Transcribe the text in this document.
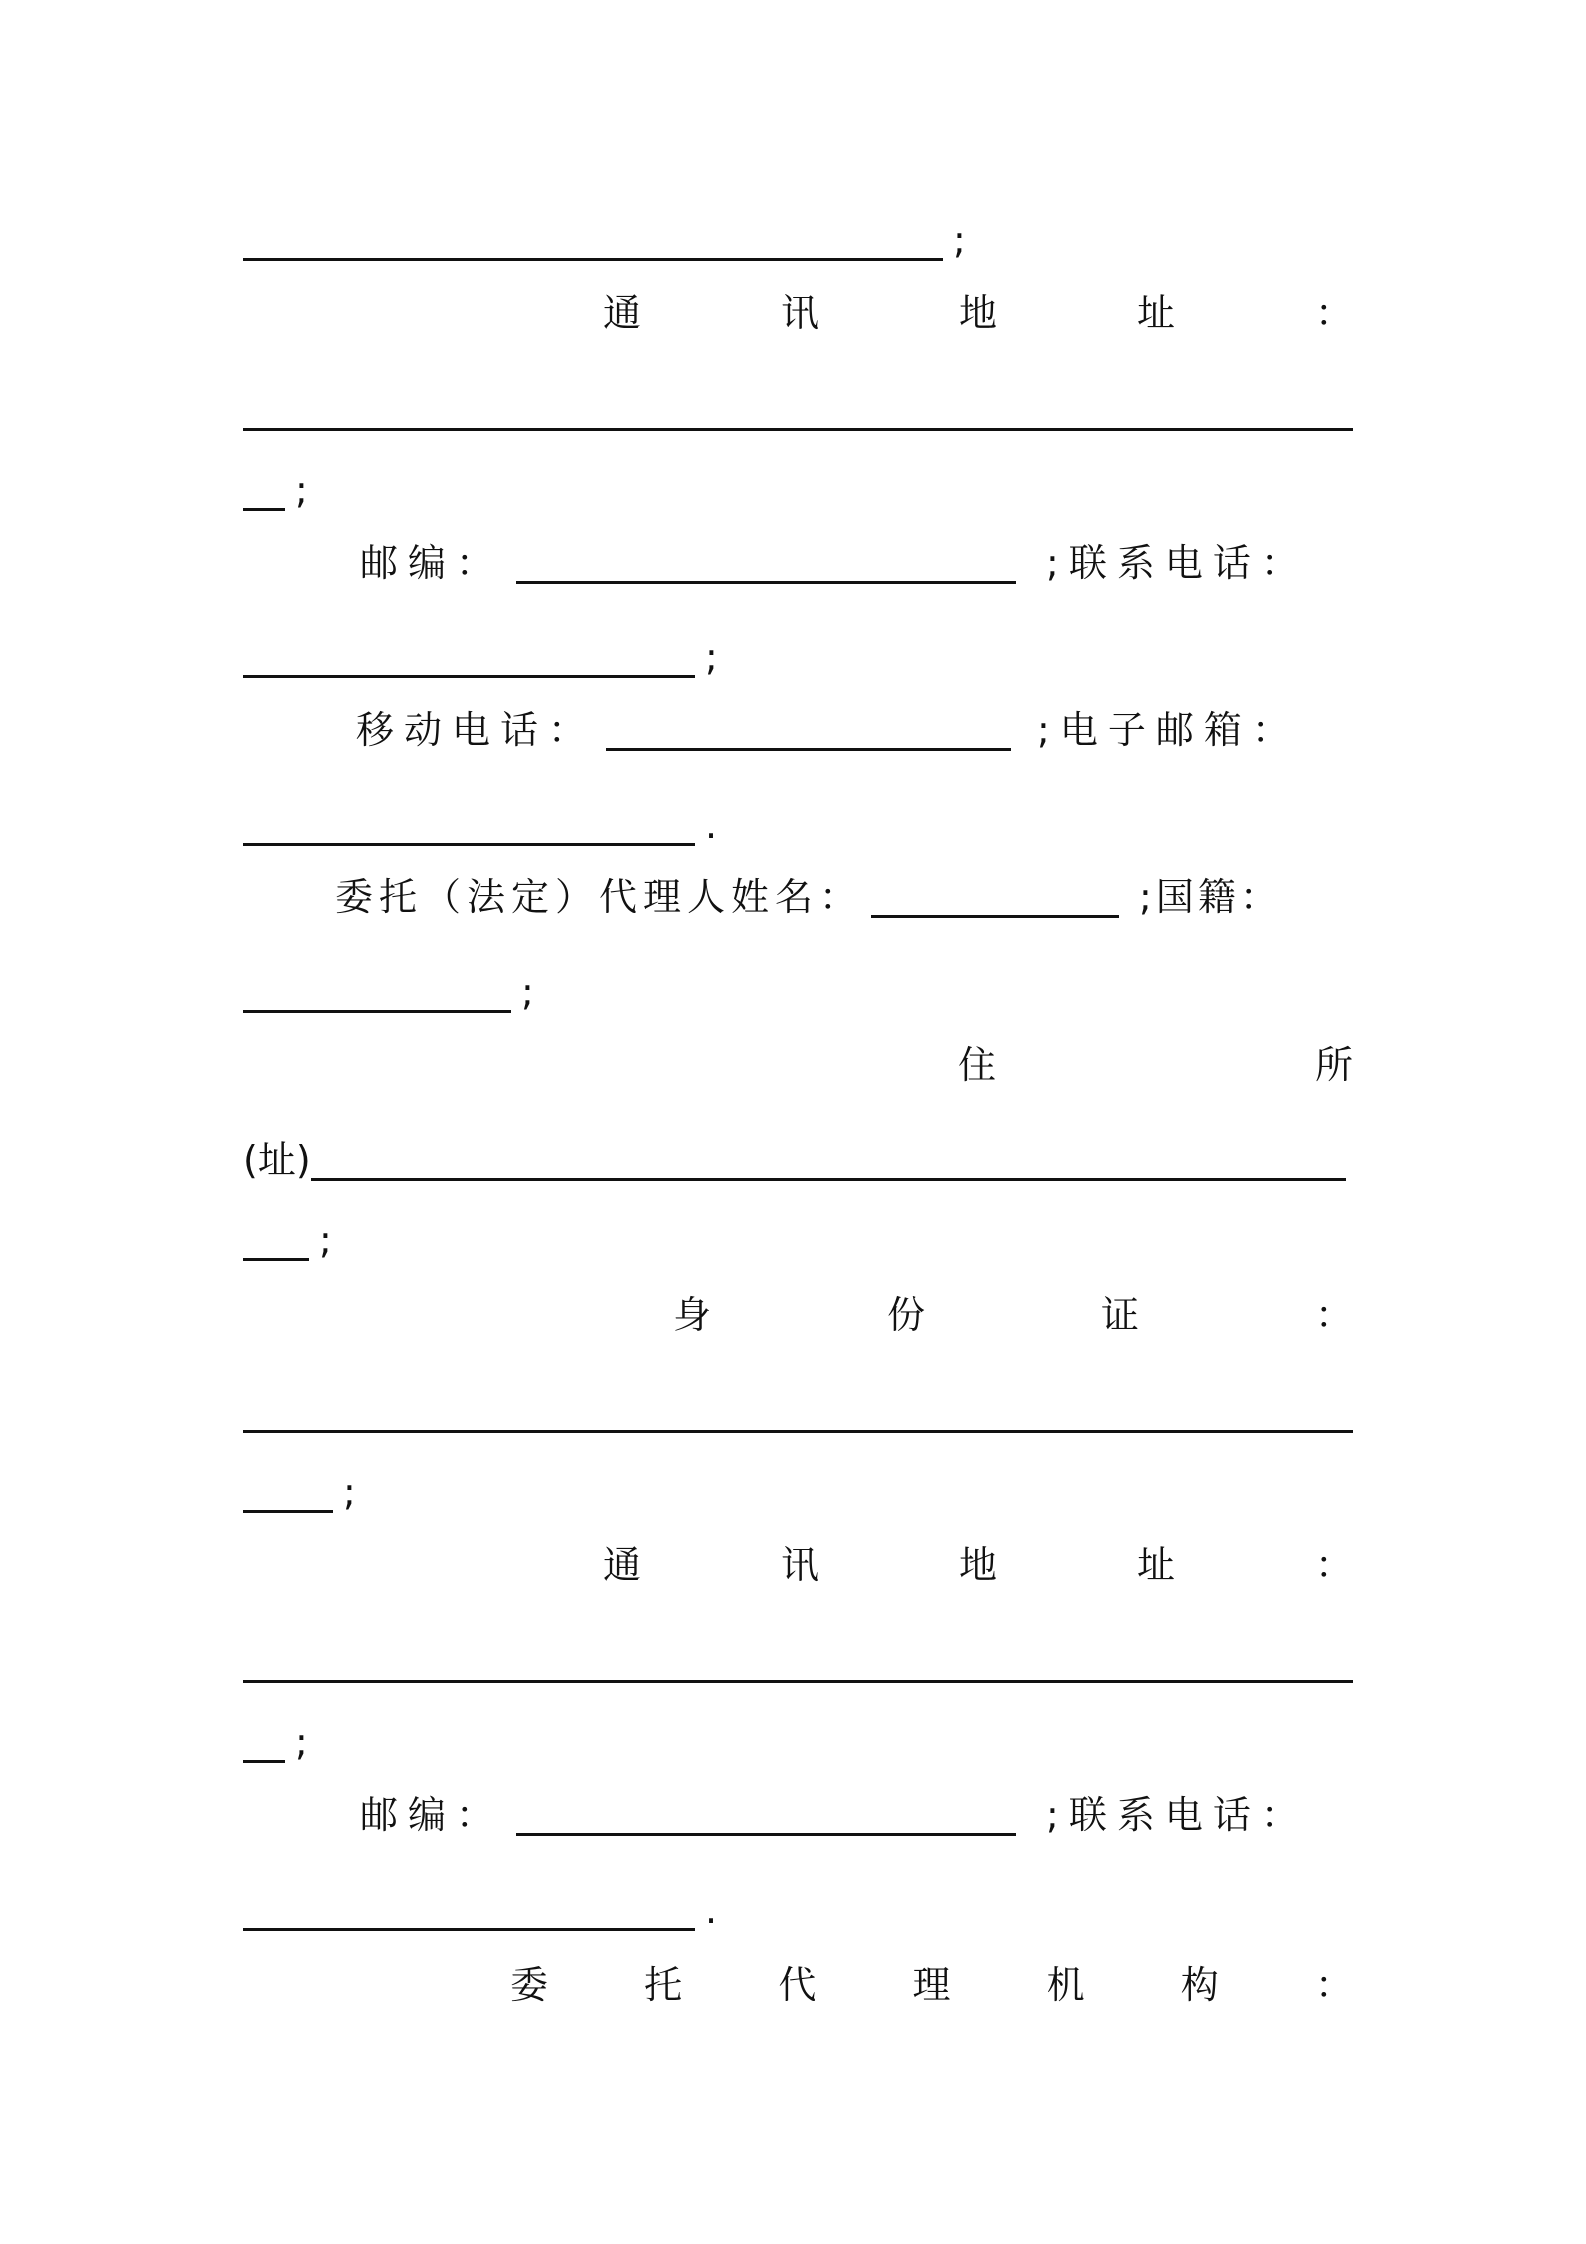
;
通	讯	地	址	：
;
邮编：	;联系电话：
;
移动电话：	;电子邮箱：
.
委托（法定）代理人姓名：	;国籍：
;
住	所
(址)
;
身	份	证	：
;
通	讯	地	址	：
;
邮编：	;联系电话：
.
委	托	代	理	机	构	：
